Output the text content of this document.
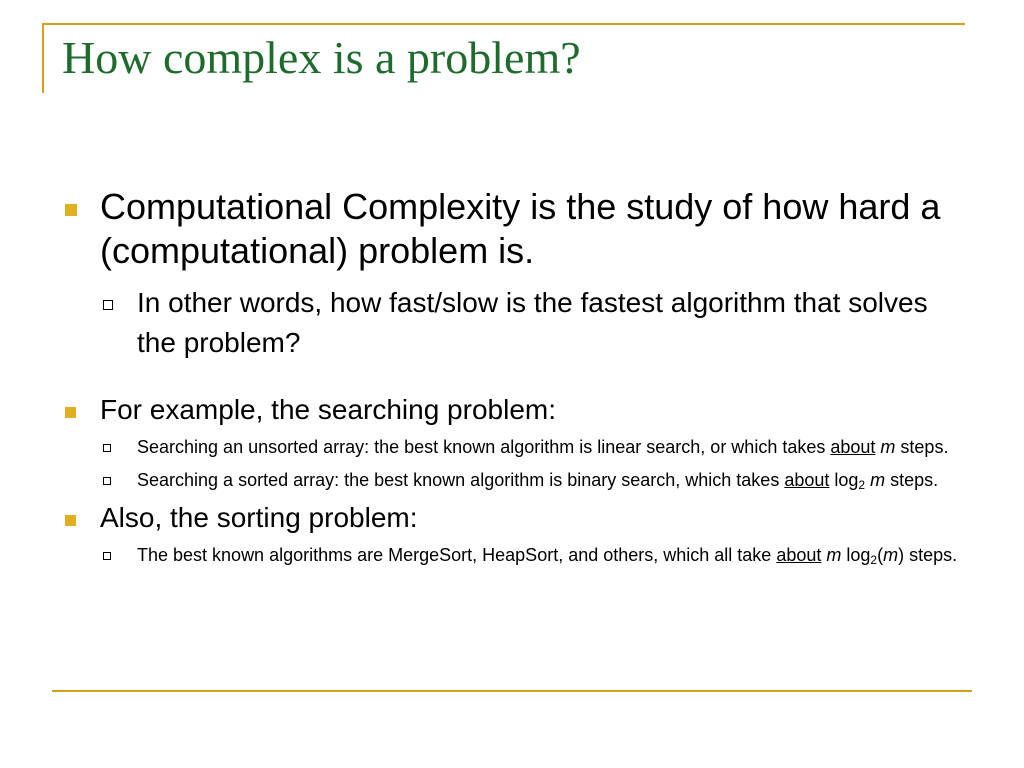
How complex is a problem?
Computational Complexity is the study of how hard a (computational) problem is.
In other words, how fast/slow is the fastest algorithm that solves the problem?
For example, the searching problem:
Searching an unsorted array: the best known algorithm is linear search, or which takes about m steps.
Searching a sorted array: the best known algorithm is binary search, which takes about $\log_2 m$ steps.
Also, the sorting problem:
The best known algorithms are MergeSort, HeapSort, and others, which all take about m $\log_2(m)$ steps.
